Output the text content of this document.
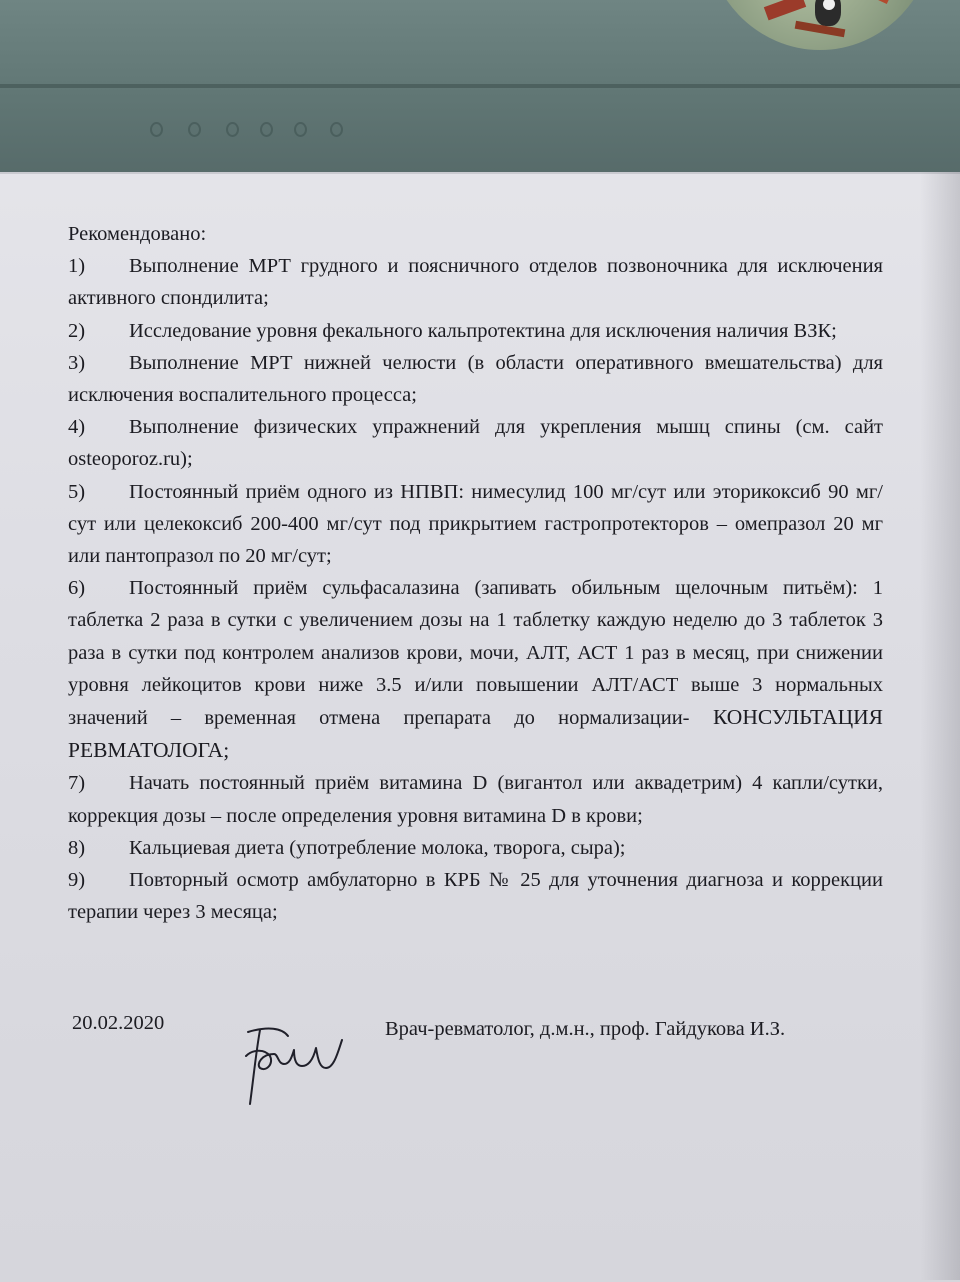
Рекомендовано:

1) Выполнение МРТ грудного и поясничного отделов позвоночника для исключения активного спондилита;

2) Исследование уровня фекального кальпротектина для исключения наличия ВЗК;

3) Выполнение МРТ нижней челюсти (в области оперативного вмешательства) для исключения воспалительного процесса;

4) Выполнение физических упражнений для укрепления мышц спины (см. сайт osteoporoz.ru);

5) Постоянный приём одного из НПВП: нимесулид 100 мг/сут или эторикоксиб 90 мг/сут или целекоксиб 200-400 мг/сут под прикрытием гастропротекторов – омепразол 20 мг или пантопразол по 20 мг/сут;

6) Постоянный приём сульфасалазина (запивать обильным щелочным питьём): 1 таблетка 2 раза в сутки с увеличением дозы на 1 таблетку каждую неделю до 3 таблеток 3 раза в сутки под контролем анализов крови, мочи, АЛТ, АСТ 1 раз в месяц, при снижении уровня лейкоцитов крови ниже 3.5 и/или повышении АЛТ/АСТ выше 3 нормальных значений – временная отмена препарата до нормализации- КОНСУЛЬТАЦИЯ РЕВМАТОЛОГА;

7) Начать постоянный приём витамина D (вигантол или аквадетрим) 4 капли/сутки, коррекция дозы – после определения уровня витамина D в крови;

8) Кальциевая диета (употребление молока, творога, сыра);

9) Повторный осмотр амбулаторно в КРБ № 25 для уточнения диагноза и коррекции терапии через 3 месяца;

20.02.2020	Врач-ревматолог, д.м.н., проф. Гайдукова И.З.
